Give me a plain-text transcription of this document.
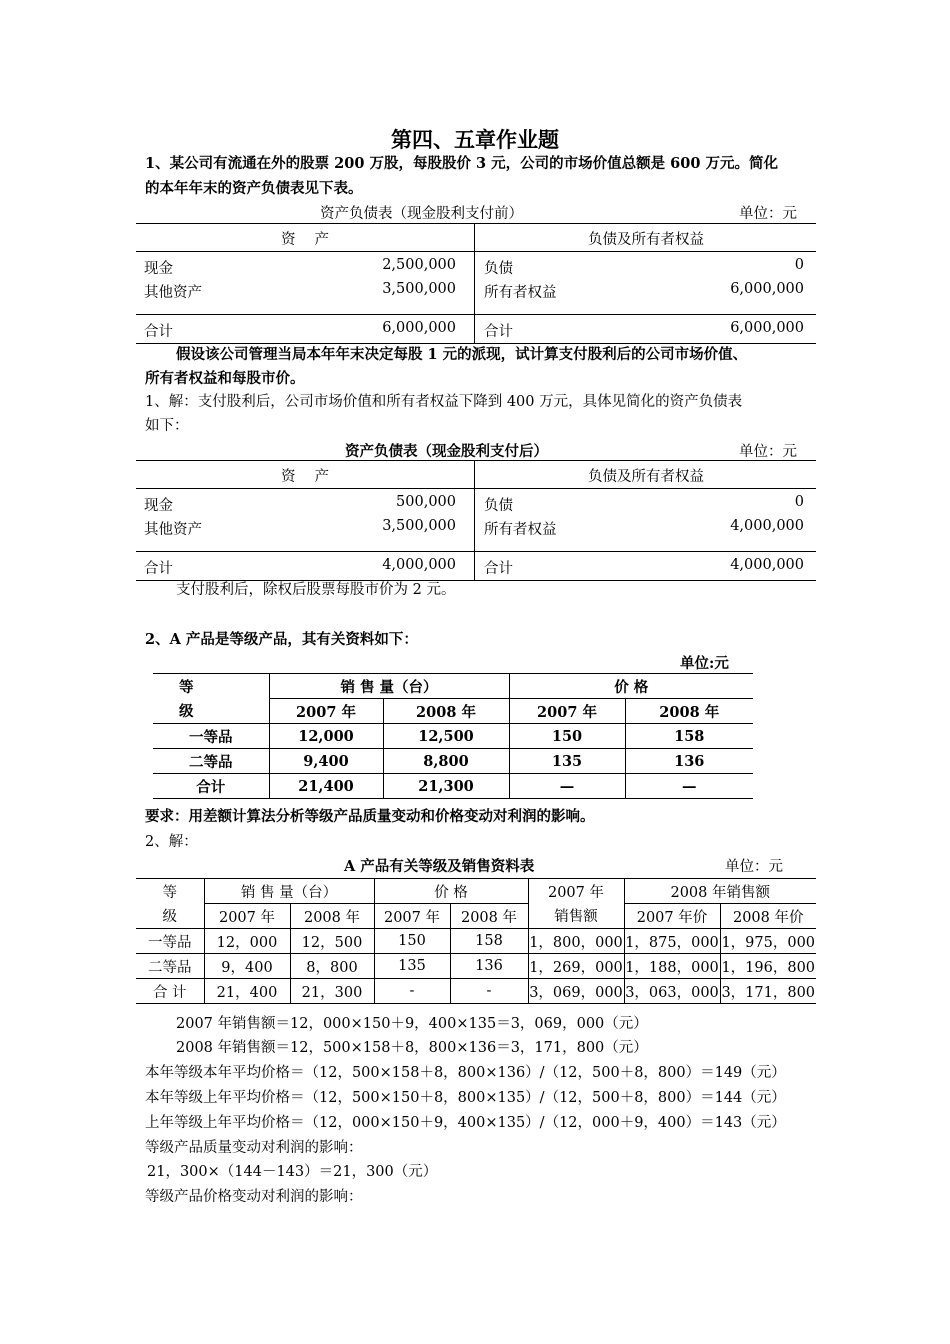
第四、五章作业题
1、某公司有流通在外的股票 200 万股，每股股价 3 元，公司的市场价值总额是 600 万元。简化
的本年年末的资产负债表见下表。
资产负债表（现金股利支付前）	单位：元
资　 产	负债及所有者权益
现金	2,500,000 负债	0
其他资产	3,500,000 所有者权益	6,000,000
合计	6,000,000 合计	6,000,000
假设该公司管理当局本年年末决定每股 1 元的派现，试计算支付股利后的公司市场价值、
所有者权益和每股市价。
1、解：支付股利后，公司市场价值和所有者权益下降到 400 万元，具体见简化的资产负债表
如下：
资产负债表（现金股利支付后）	单位：元
资　 产	负债及所有者权益
现金	500,000 负债	0
其他资产	3,500,000 所有者权益	4,000,000
合计	4,000,000 合计	4,000,000
支付股利后，除权后股票每股市价为 2 元。
2、A 产品是等级产品，其有关资料如下：
单位:元
等	销 售 量（台）		价 格	
级	2007 年	2008 年	2007 年	2008 年
一等品	12,000	12,500	150	158
二等品	9,400	8,800	135	136
合计	21,400	21,300	—	—
要求：用差额计算法分析等级产品质量变动和价格变动对利润的影响。
2、解：
A 产品有关等级及销售资料表	单位：元
等	销 售 量（台）		价 格		2007 年	2008 年销售额	
级	2007 年	2008 年	2007 年	2008 年	销售额	2007 年价	2008 年价
一等品	12，000	12，500	150	158	1，800，000	1，875，000	1，975，000
二等品	9，400	8，800	135	136	1，269，000	1，188，000	1，196，800
合 计	21，400	21，300	-	-	3，069，000	3，063，000	3，171，800
2007 年销售额＝12，000×150＋9，400×135＝3，069，000（元）
2008 年销售额＝12，500×158＋8，800×136＝3，171，800（元）
本年等级本年平均价格＝（12，500×158＋8，800×136）/（12，500＋8，800）＝149（元）
本年等级上年平均价格＝（12，500×150＋8，800×135）/（12，500＋8，800）＝144（元）
上年等级上年平均价格＝（12，000×150＋9，400×135）/（12，000＋9，400）＝143（元）
等级产品质量变动对利润的影响：
21，300×（144－143）＝21，300（元）
等级产品价格变动对利润的影响：
